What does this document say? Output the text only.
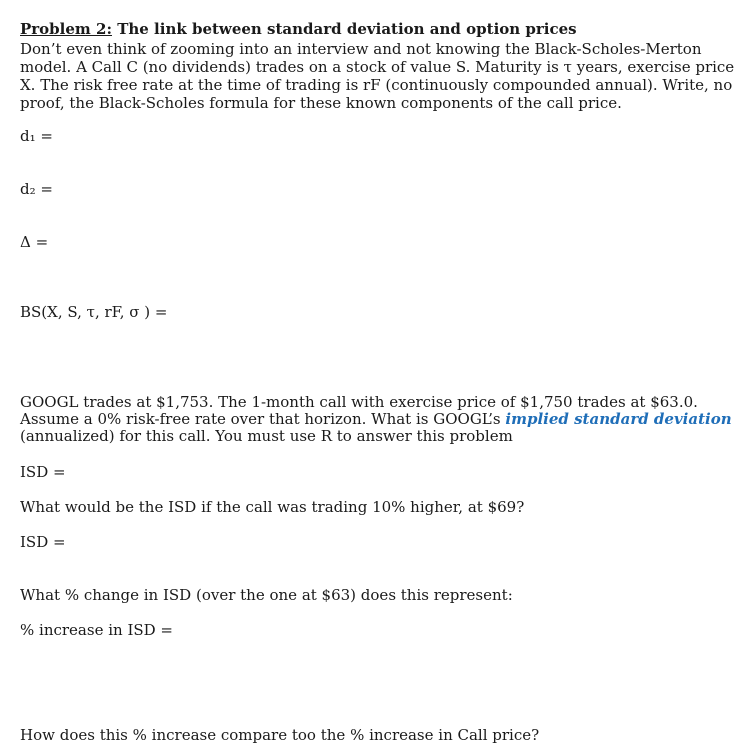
Problem 2: The link between standard deviation and option prices
Don’t even think of zooming into an interview and not knowing the Black-Scholes-Merton
model. A Call C (no dividends) trades on a stock of value S. Maturity is τ years, exercise price
X. The risk free rate at the time of trading is rF (continuously compounded annual). Write, no
proof, the Black-Scholes formula for these known components of the call price.
d₁ =
d₂ =
Δ =
BS(X, S, τ, rF, σ ) =
GOOGL trades at $1,753. The 1-month call with exercise price of $1,750 trades at $63.0.
Assume a 0% risk-free rate over that horizon. What is GOOGL’s implied standard deviation
(annualized) for this call. You must use R to answer this problem
ISD =
What would be the ISD if the call was trading 10% higher, at $69?
ISD =
What % change in ISD (over the one at $63) does this represent:
% increase in ISD =
How does this % increase compare too the % increase in Call price?
